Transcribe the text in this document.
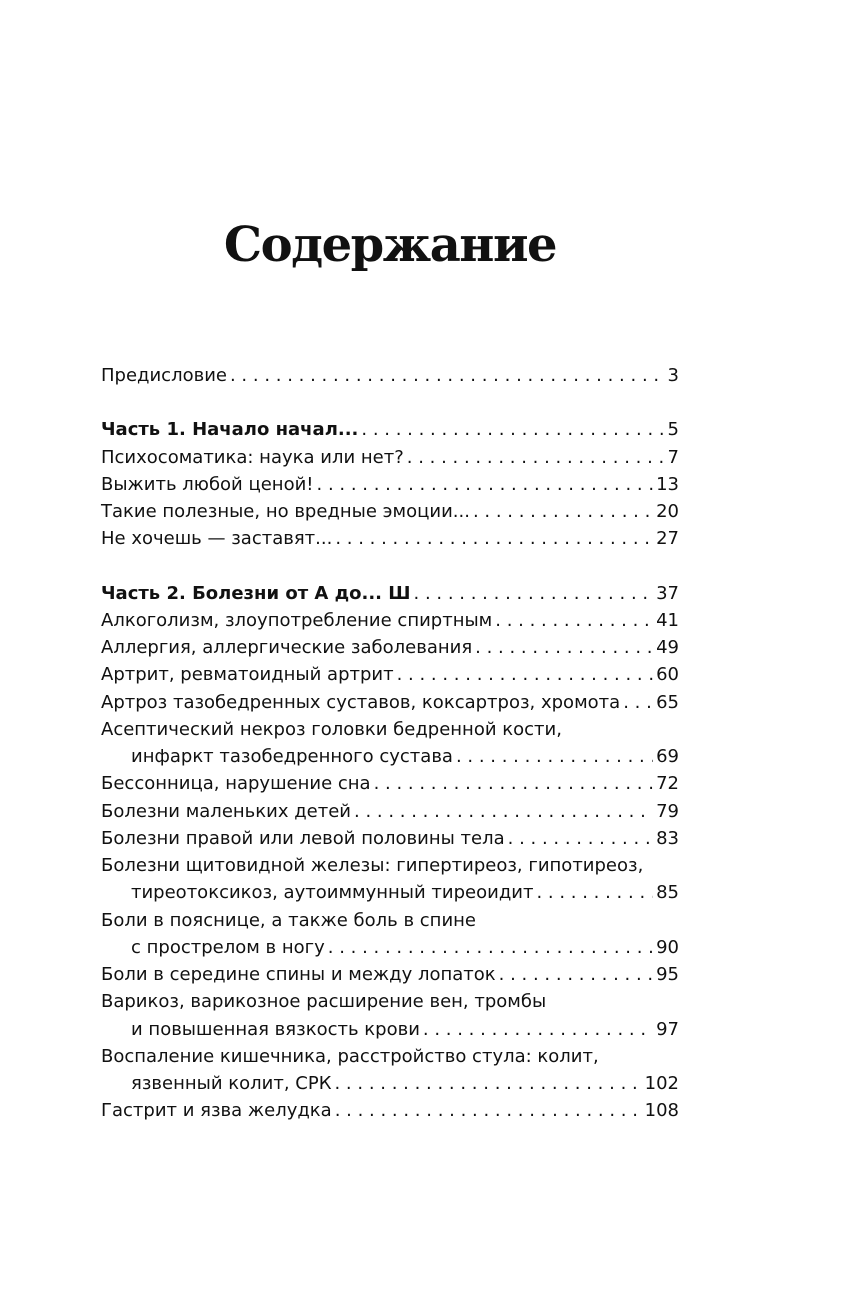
Содержание
Предисловие . . .	3
Часть 1. Начало начал... . . .	5
Психосоматика: наука или нет? . . .	7
Выжить любой ценой! . . .	13
Такие полезные, но вредные эмоции... . . .	20
Не хочешь — заставят... . . .	27
Часть 2. Болезни от А до... Ш . . .	37
Алкоголизм, злоупотребление спиртным . . .	41
Аллергия, аллергические заболевания . . .	49
Артрит, ревматоидный артрит . . .	60
Артроз тазобедренных суставов, коксартроз, хромота . . . 65
Асептический некроз головки бедренной кости,
инфаркт тазобедренного сустава . . .	69
Бессонница, нарушение сна . . .	72
Болезни маленьких детей . . .	79
Болезни правой или левой половины тела . . .	83
Болезни щитовидной железы: гипертиреоз, гипотиреоз,
тиреотоксикоз, аутоиммунный тиреоидит . . .	85
Боли в пояснице, а также боль в спине
с прострелом в ногу . . .	90
Боли в середине спины и между лопаток . . .	95
Варикоз, варикозное расширение вен, тромбы
и повышенная вязкость крови . . .	97
Воспаление кишечника, расстройство стула: колит,
язвенный колит, СРК . . .	102
Гастрит и язва желудка . . .	108
